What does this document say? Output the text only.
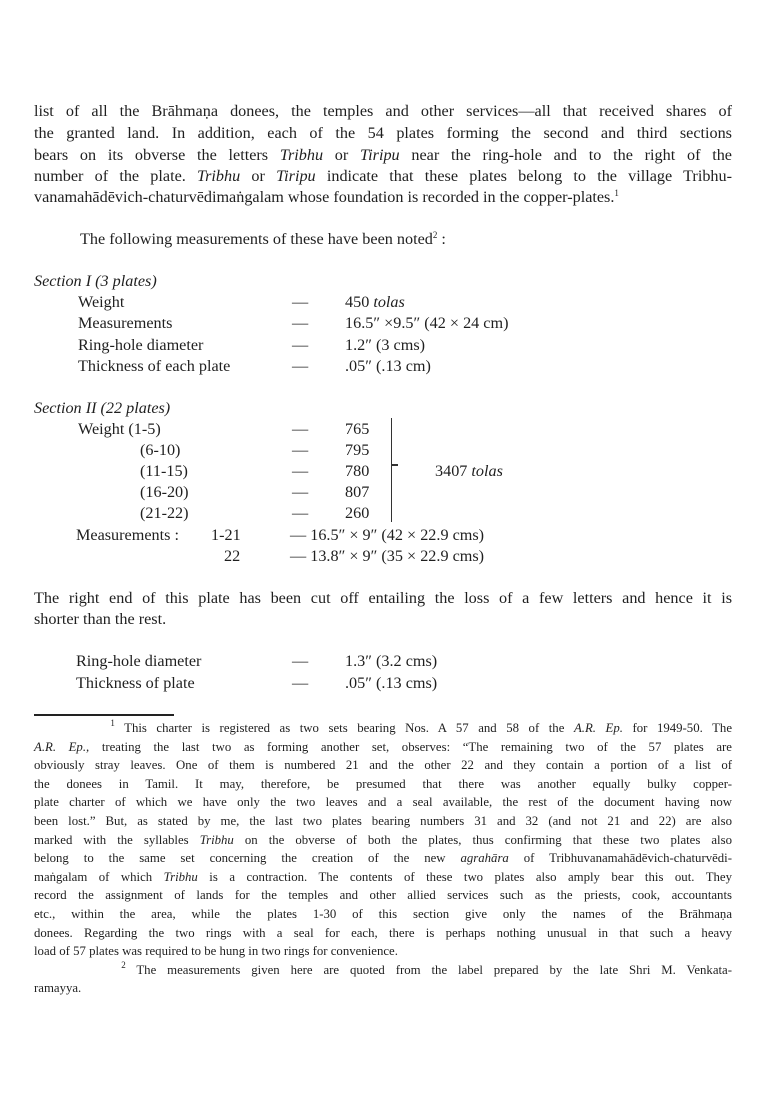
list of all the Brāhmaṇa donees, the temples and other services—all that received shares of
the granted land. In addition, each of the 54 plates forming the second and third sections
bears on its obverse the letters Tribhu or Tiripu near the ring-hole and to the right of the
number of the plate. Tribhu or Tiripu indicate that these plates belong to the village Tribhu-
vanamahādēvich-chaturvēdimaṅgalam whose foundation is recorded in the copper-plates.$^1$
The following measurements of these have been noted$^2$ :
Section I (3 plates)
Weight	— 450 tolas
Measurements	— 16.5″ ×9.5″ (42 × 24 cm)
Ring-hole diameter	— 1.2″ (3 cms)
Thickness of each plate	— .05″ (.13 cm)
Section II (22 plates)
Weight (1-5)	— 765
(6-10)	— 795
(11-15)	— 780
(16-20)	— 807
(21-22)	— 260
3407 tolas
Measurements : 1-21	— 16.5″ × 9″ (42 × 22.9 cms)
22	— 13.8″ × 9″ (35 × 22.9 cms)
The right end of this plate has been cut off entailing the loss of a few letters and hence it is
shorter than the rest.
Ring-hole diameter	— 1.3″ (3.2 cms)
Thickness of plate	— .05″ (.13 cms)
$^1$ This charter is registered as two sets bearing Nos. A 57 and 58 of the A.R. Ep. for 1949-50. The
A.R. Ep., treating the last two as forming another set, observes: “The remaining two of the 57 plates are
obviously stray leaves. One of them is numbered 21 and the other 22 and they contain a portion of a list of
the donees in Tamil. It may, therefore, be presumed that there was another equally bulky copper-
plate charter of which we have only the two leaves and a seal available, the rest of the document having now
been lost.” But, as stated by me, the last two plates bearing numbers 31 and 32 (and not 21 and 22) are also
marked with the syllables Tribhu on the obverse of both the plates, thus confirming that these two plates also
belong to the same set concerning the creation of the new agrahāra of Tribhuvanamahādēvich-chaturvēdi-
maṅgalam of which Tribhu is a contraction. The contents of these two plates also amply bear this out. They
record the assignment of lands for the temples and other allied services such as the priests, cook, accountants
etc., within the area, while the plates 1-30 of this section give only the names of the Brāhmaṇa
donees. Regarding the two rings with a seal for each, there is perhaps nothing unusual in that such a heavy
load of 57 plates was required to be hung in two rings for convenience.
$^2$ The measurements given here are quoted from the label prepared by the late Shri M. Venkata-
ramayya.
